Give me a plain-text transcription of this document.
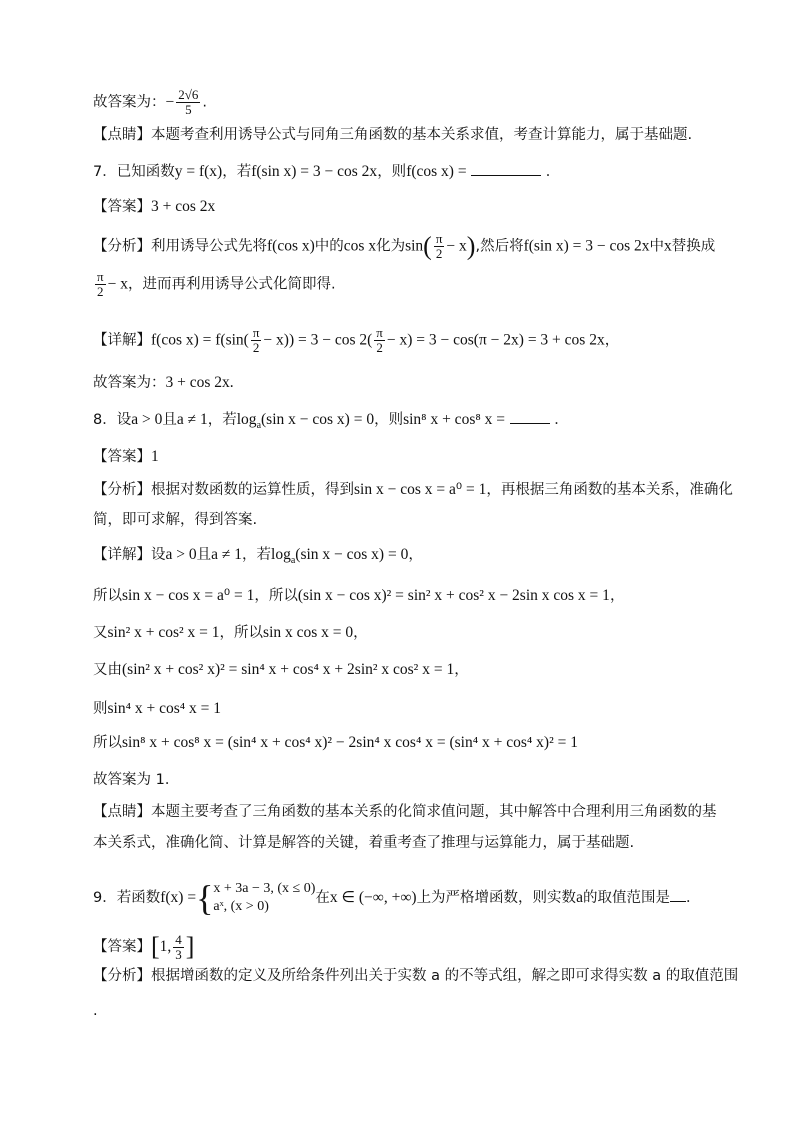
故答案为：− $\frac{2√6}{5}$ .
【点睛】本题考查利用诱导公式与同角三角函数的基本关系求值，考查计算能力，属于基础题.
7．已知函数y = f(x)，若f(sin x) = 3 − cos 2x，则f(cos x) =	．
【答案】3 + cos 2x
【分析】利用诱导公式先将f(cos x)中的cos x化为$\sin( \frac{\pi}{2} - x)$,然后将f(sin x) = 3 − cos 2x中x替换成
$\frac{\pi}{2} - x$，进而再利用诱导公式化简即得.
【详解】f(cos $x) = f(\sin( \frac{\pi}{2} - x)) = 3 - \cos 2( \frac{\pi}{2} - x) = 3 - \cos(\pi - 2x) = 3 + \cos 2x$，
故答案为：3 + cos 2x.
8．设a > 0且a ≠ 1，若$\log_a(\sin$ x − cos x) = 0，则sin⁸ x + cos⁸ x =	．
【答案】1
【分析】根据对数函数的运算性质，得到sin x − cos x = a⁰ = 1，再根据三角函数的基本关系，准确化
简，即可求解，得到答案.
【详解】设a > 0且a ≠ 1，若$\log_a(\sin$ x − cos x) = 0，
所以sin x − cos x = a⁰ = 1，所以(sin x − cos x)² = sin² x + cos² x − 2sin x cos x = 1，
又sin² x + cos² x = 1，所以sin x cos x = 0，
又由(sin² x + cos² x)² = sin⁴ x + cos⁴ x + 2sin² x cos² x = 1，
则sin⁴ x + cos⁴ x = 1
所以sin⁸ x + cos⁸ x = (sin⁴ x + cos⁴ x)² − 2sin⁴ x cos⁴ x = (sin⁴ x + cos⁴ x)² = 1
故答案为 1．
【点睛】本题主要考查了三角函数的基本关系的化简求值问题，其中解答中合理利用三角函数的基
本关系式，准确化简、计算是解答的关键，着重考查了推理与运算能力，属于基础题.
9．若函数f(x) ={ x + 3a − 3, (x ≤ 0)
aˣ, (x > 0)
在x ∈ (−∞, +∞)上为严格增函数，则实数a的取值范围是 ．
【答案】[1, $\frac{4}{3}$ ]
【分析】根据增函数的定义及所给条件列出关于实数 a 的不等式组，解之即可求得实数 a 的取值范围
.
